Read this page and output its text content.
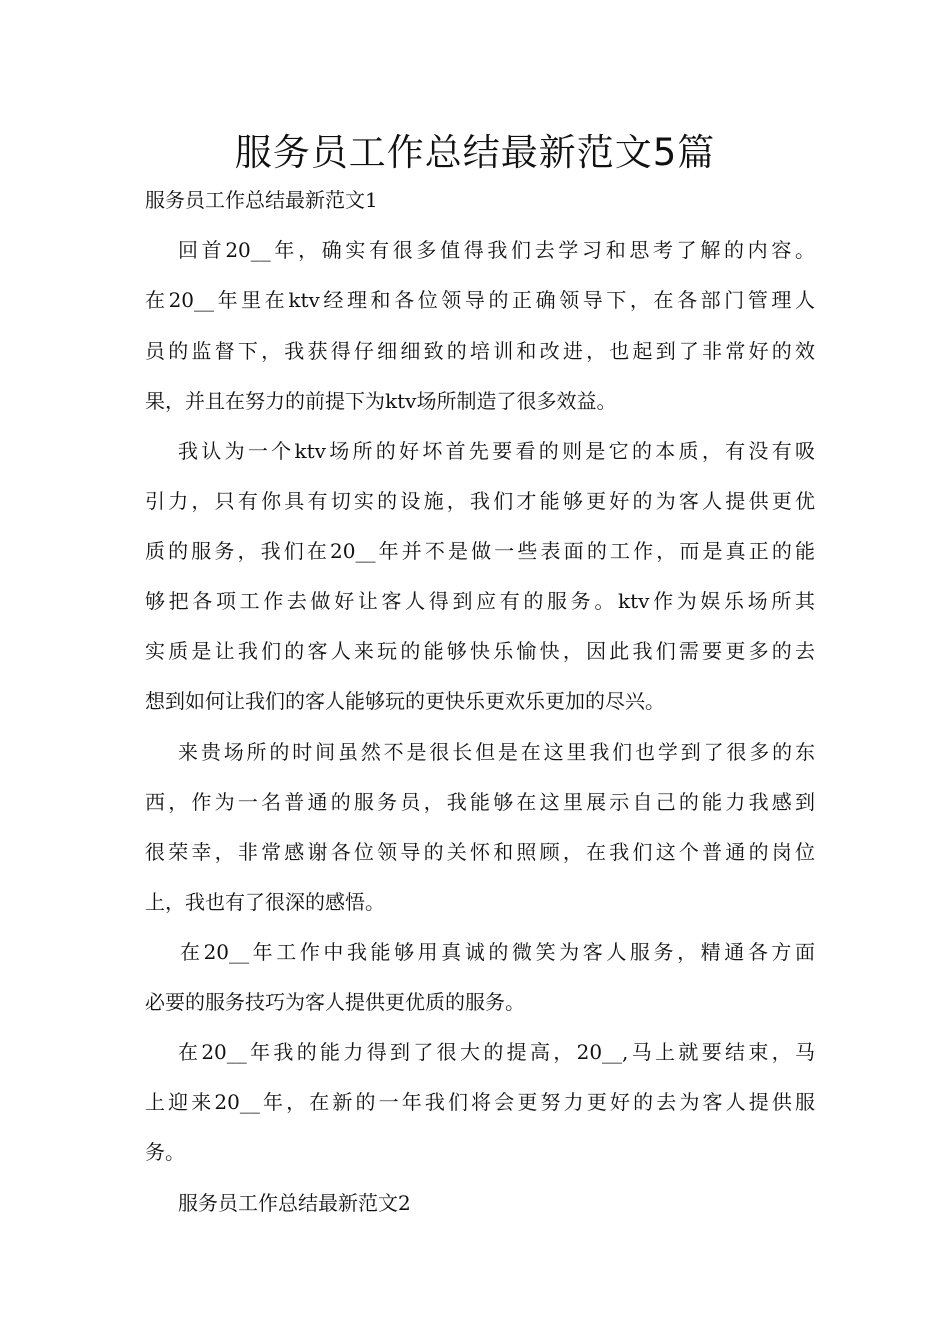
服务员工作总结最新范文5篇

服务员工作总结最新范文1

回首20__年，确实有很多值得我们去学习和思考了解的内容。

在20__年里在ktv经理和各位领导的正确领导下，在各部门管理人

员的监督下，我获得仔细细致的培训和改进，也起到了非常好的效

果，并且在努力的前提下为ktv场所制造了很多效益。

我认为一个ktv场所的好坏首先要看的则是它的本质，有没有吸

引力，只有你具有切实的设施，我们才能够更好的为客人提供更优

质的服务，我们在20__年并不是做一些表面的工作，而是真正的能

够把各项工作去做好让客人得到应有的服务。ktv作为娱乐场所其

实质是让我们的客人来玩的能够快乐愉快，因此我们需要更多的去

想到如何让我们的客人能够玩的更快乐更欢乐更加的尽兴。

来贵场所的时间虽然不是很长但是在这里我们也学到了很多的东

西，作为一名普通的服务员，我能够在这里展示自己的能力我感到

很荣幸，非常感谢各位领导的关怀和照顾，在我们这个普通的岗位

上，我也有了很深的感悟。

在20__年工作中我能够用真诚的微笑为客人服务，精通各方面

必要的服务技巧为客人提供更优质的服务。

在20__年我的能力得到了很大的提高，20__,马上就要结束，马

上迎来20__年，在新的一年我们将会更努力更好的去为客人提供服

务。

服务员工作总结最新范文2
